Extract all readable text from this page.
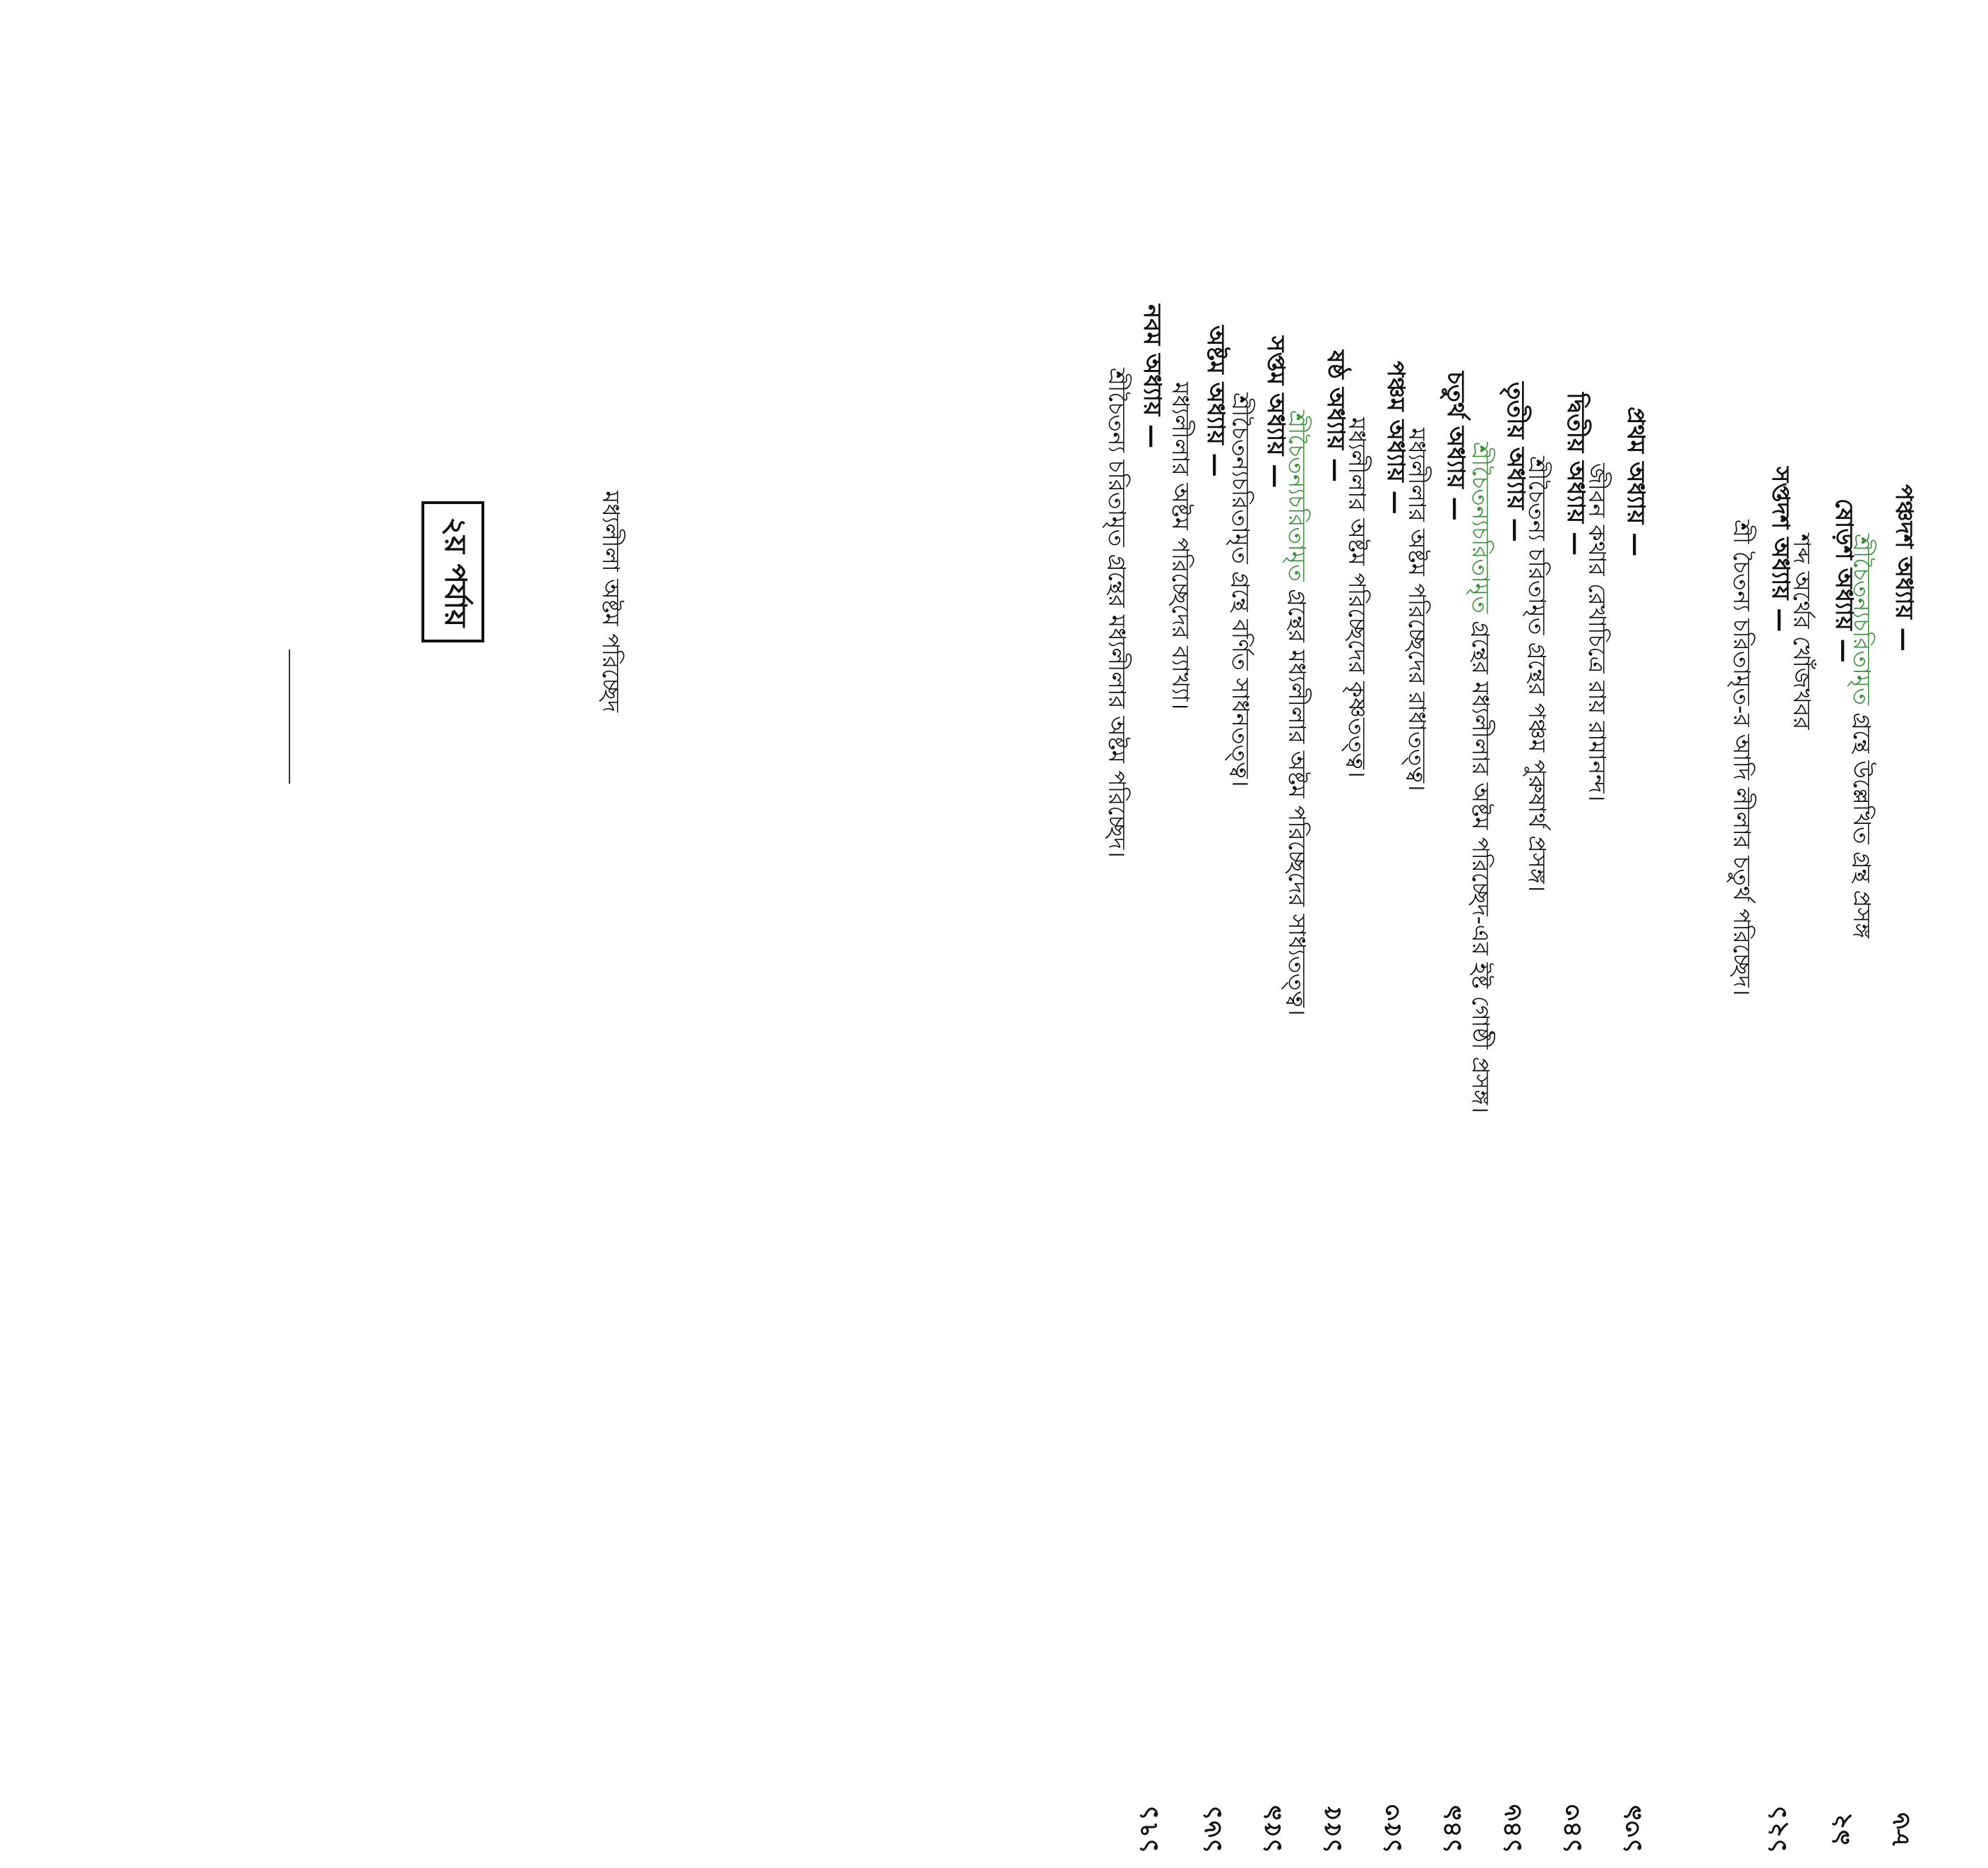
পঞ্চদশ অধ্যায় —
শ্রীচৈতন্যচরিতামৃত গ্রন্থে উল্লেখিত গ্রন্থ প্রসঙ্গ
৮৬
ষোড়শ অধ্যায় —
শব্দ অর্থের খোঁজখবর
৯২
সপ্তদশ অধ্যায় —
শ্রী চৈতন্য চরিতামৃত-র আদি লীলার চতুর্থ পরিচ্ছেদ।
১২১
প্রথম অধ্যায় —
জীবন কথার রেখাচিত্রে রায় রামানন্দ।
১৩৯
দ্বিতীয় অধ্যায় —
শ্রীচৈতন্য চরিতামৃত গ্রন্থের পঞ্চম পুরুষার্থ প্রসঙ্গ।
১৪৩
তৃতীয় অধ্যায় —
শ্রীচৈতন্যচরিতামৃত গ্রন্থের মধ্যলীলার অষ্টম পরিচ্ছেদ-এর ইষ্ট গোষ্ঠী প্রসঙ্গ।
১৪৬
চতুর্থ অধ্যায় —
মধ্যলীলার অষ্টম পরিচ্ছেদের রাধাতত্ত্ব।
১৪৯
পঞ্চম অধ্যায় —
মধ্যলীলার অষ্টম পরিচ্ছেদের কৃষ্ণতত্ত্ব।
১৫৩
ষষ্ঠ অধ্যায় —
শ্রীচৈতন্যচরিতামৃত গ্রন্থের মধ্যলীলার অষ্টম পরিচ্ছেদের সাধ্যতত্ত্ব।
১৫৫
সপ্তম অধ্যায় —
শ্রীচৈতন্যচরিতামৃত গ্রন্থে বর্ণিত সাধনতত্ত্ব।
১৫৯
অষ্টম অধ্যায় —
মধ্যলীলার অষ্টম পরিচ্ছেদের ব্যাখ্যা।
১৬১
নবম অধ্যায় —
শ্রীচৈতন্য চরিতামৃত গ্রন্থের মধ্যলীলার অষ্টম পরিচ্ছেদ।
১৭১
২য় পর্যায়	মধ্যলীলা অষ্টম পরিচ্ছেদ
